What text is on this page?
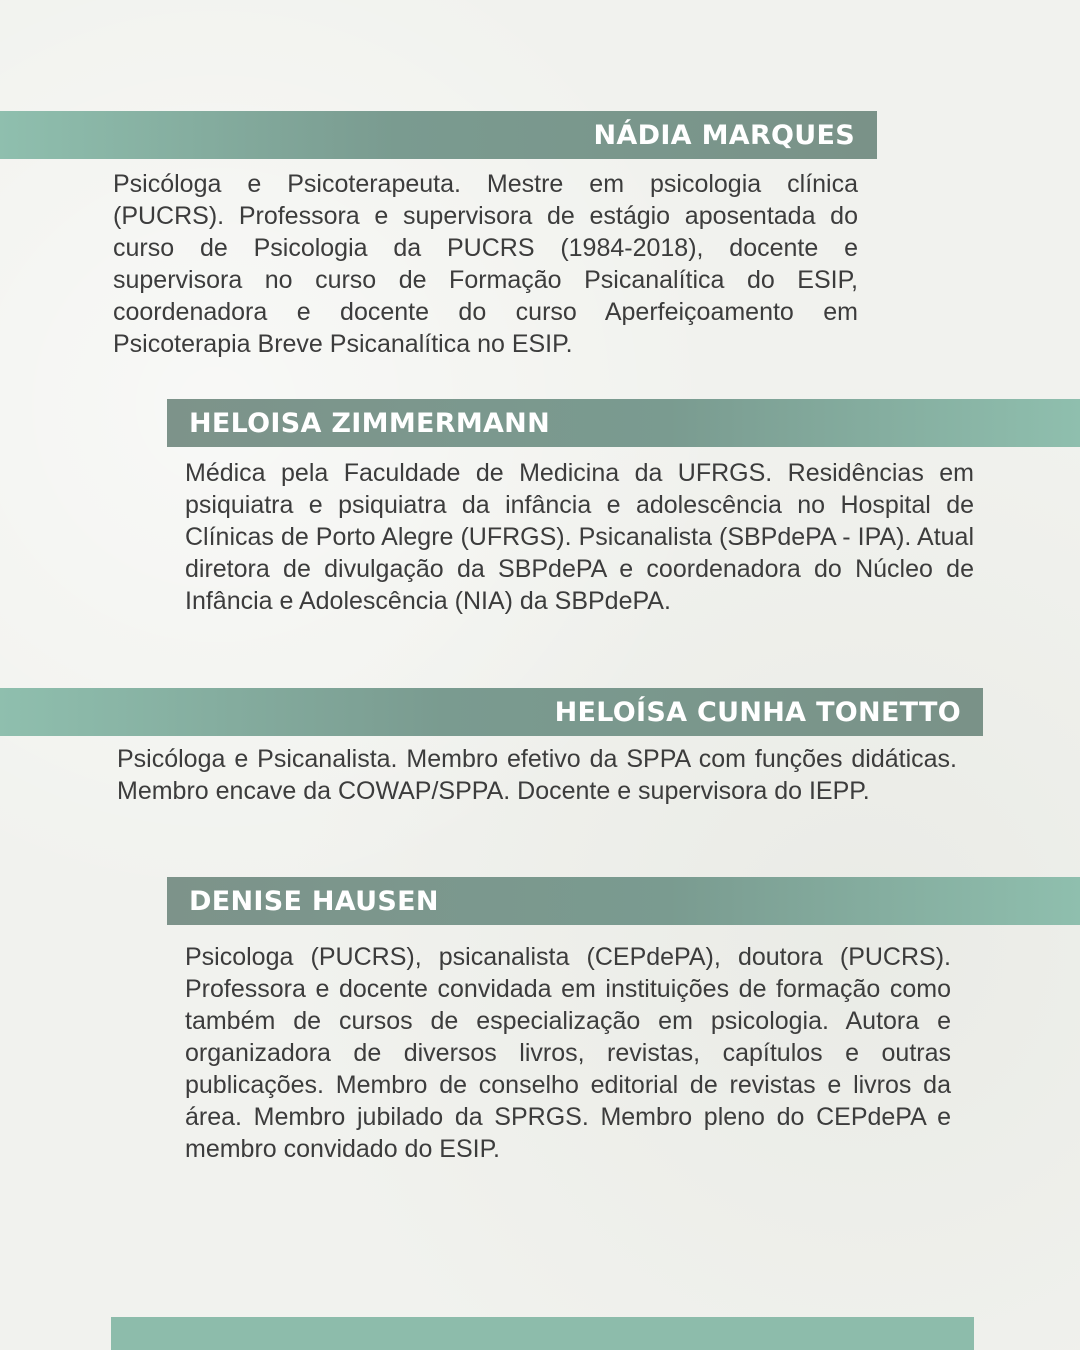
NÁDIA MARQUES

Psicóloga e Psicoterapeuta. Mestre em psicologia clínica (PUCRS). Professora e supervisora de estágio aposentada do curso de Psicologia da PUCRS (1984-2018), docente e supervisora no curso de Formação Psicanalítica do ESIP, coordenadora e docente do curso Aperfeiçoamento em Psicoterapia Breve Psicanalítica no ESIP.

HELOISA ZIMMERMANN

Médica pela Faculdade de Medicina da UFRGS. Residências em psiquiatra e psiquiatra da infância e adolescência no Hospital de Clínicas de Porto Alegre (UFRGS). Psicanalista (SBPdePA - IPA). Atual diretora de divulgação da SBPdePA e coordenadora do Núcleo de Infância e Adolescência (NIA) da SBPdePA.

HELOÍSA CUNHA TONETTO

Psicóloga e Psicanalista. Membro efetivo da SPPA com funções didáticas. Membro encave da COWAP/SPPA. Docente e supervisora do IEPP.

DENISE HAUSEN

Psicologa (PUCRS), psicanalista (CEPdePA), doutora (PUCRS). Professora e docente convidada em instituições de formação como também de cursos de especialização em psicologia. Autora e organizadora de diversos livros, revistas, capítulos e outras publicações. Membro de conselho editorial de revistas e livros da área. Membro jubilado da SPRGS. Membro pleno do CEPdePA e membro convidado do ESIP.
